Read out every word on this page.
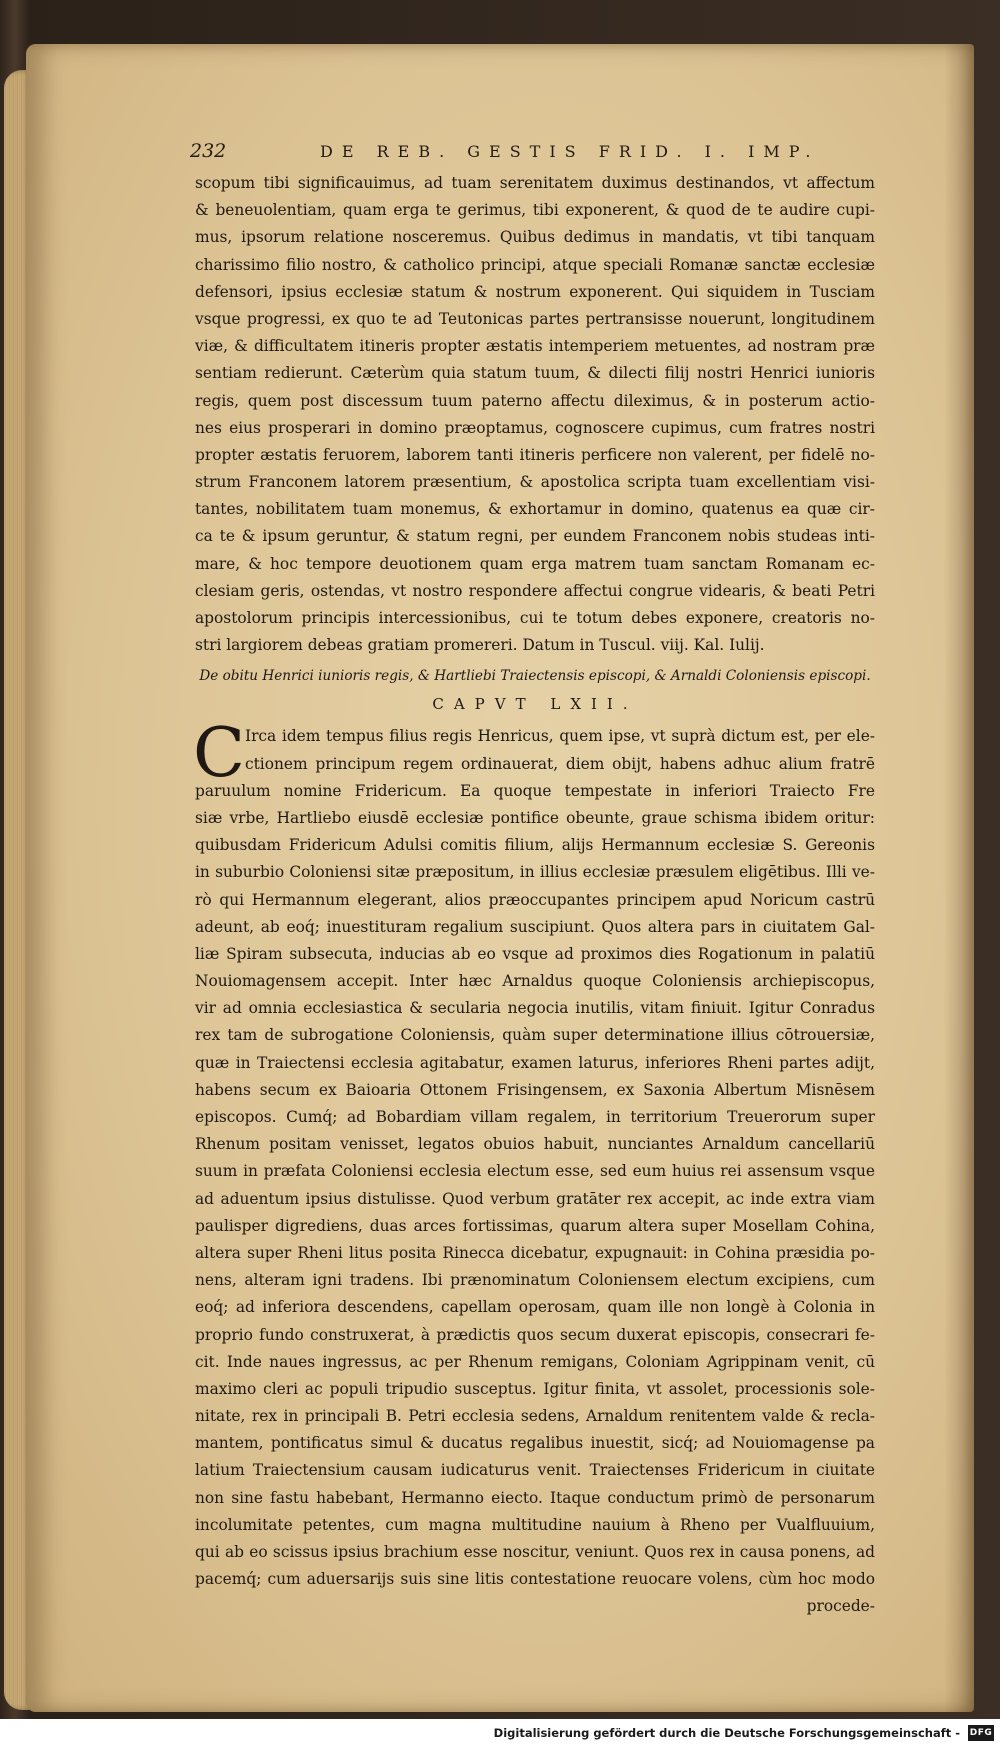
232	DE REB. GESTIS FRID. I. IMP.
scopum tibi significauimus, ad tuam serenitatem duximus destinandos, vt affectum
& beneuolentiam, quam erga te gerimus, tibi exponerent, & quod de te audire cupi-
mus, ipsorum relatione nosceremus. Quibus dedimus in mandatis, vt tibi tanquam
charissimo filio nostro, & catholico principi, atque speciali Romanæ sanctæ ecclesiæ
defensori, ipsius ecclesiæ statum & nostrum exponerent. Qui siquidem in Tusciam
vsque progressi, ex quo te ad Teutonicas partes pertransisse nouerunt, longitudinem
viæ, & difficultatem itineris propter æstatis intemperiem metuentes, ad nostram præ
sentiam redierunt. Cæterùm quia statum tuum, & dilecti filij nostri Henrici iunioris
regis, quem post discessum tuum paterno affectu dileximus, & in posterum actio-
nes eius prosperari in domino præoptamus, cognoscere cupimus, cum fratres nostri
propter æstatis feruorem, laborem tanti itineris perficere non valerent, per fidelē no-
strum Franconem latorem præsentium, & apostolica scripta tuam excellentiam visi-
tantes, nobilitatem tuam monemus, & exhortamur in domino, quatenus ea quæ cir-
ca te & ipsum geruntur, & statum regni, per eundem Franconem nobis studeas inti-
mare, & hoc tempore deuotionem quam erga matrem tuam sanctam Romanam ec-
clesiam geris, ostendas, vt nostro respondere affectui congrue videaris, & beati Petri
apostolorum principis intercessionibus, cui te totum debes exponere, creatoris no-
stri largiorem debeas gratiam promereri. Datum in Tuscul. viij. Kal. Iulij.
De obitu Henrici iunioris regis, & Hartliebi Traiectensis episcopi, & Arnaldi Coloniensis episcopi.
CAPVT LXII.
C Irca idem tempus filius regis Henricus, quem ipse, vt suprà dictum est, per ele-
ctionem principum regem ordinauerat, diem obijt, habens adhuc alium fratrē
paruulum nomine Fridericum. Ea quoque tempestate in inferiori Traiecto Fre
siæ vrbe, Hartliebo eiusdē ecclesiæ pontifice obeunte, graue schisma ibidem oritur:
quibusdam Fridericum Adulsi comitis filium, alijs Hermannum ecclesiæ S. Gereonis
in suburbio Coloniensi sitæ præpositum, in illius ecclesiæ præsulem eligētibus. Illi ve-
rò qui Hermannum elegerant, alios præoccupantes principem apud Noricum castrū
adeunt, ab eoq́; inuestituram regalium suscipiunt. Quos altera pars in ciuitatem Gal-
liæ Spiram subsecuta, inducias ab eo vsque ad proximos dies Rogationum in palatiū
Nouiomagensem accepit. Inter hæc Arnaldus quoque Coloniensis archiepiscopus,
vir ad omnia ecclesiastica & secularia negocia inutilis, vitam finiuit. Igitur Conradus
rex tam de subrogatione Coloniensis, quàm super determinatione illius cōtrouersiæ,
quæ in Traiectensi ecclesia agitabatur, examen laturus, inferiores Rheni partes adijt,
habens secum ex Baioaria Ottonem Frisingensem, ex Saxonia Albertum Misnēsem
episcopos. Cumq́; ad Bobardiam villam regalem, in territorium Treuerorum super
Rhenum positam venisset, legatos obuios habuit, nunciantes Arnaldum cancellariū
suum in præfata Coloniensi ecclesia electum esse, sed eum huius rei assensum vsque
ad aduentum ipsius distulisse. Quod verbum gratāter rex accepit, ac inde extra viam
paulisper digrediens, duas arces fortissimas, quarum altera super Mosellam Cohina,
altera super Rheni litus posita Rinecca dicebatur, expugnauit: in Cohina præsidia po-
nens, alteram igni tradens. Ibi prænominatum Coloniensem electum excipiens, cum
eoq́; ad inferiora descendens, capellam operosam, quam ille non longè à Colonia in
proprio fundo construxerat, à prædictis quos secum duxerat episcopis, consecrari fe-
cit. Inde naues ingressus, ac per Rhenum remigans, Coloniam Agrippinam venit, cū
maximo cleri ac populi tripudio susceptus. Igitur finita, vt assolet, processionis sole-
nitate, rex in principali B. Petri ecclesia sedens, Arnaldum renitentem valde & recla-
mantem, pontificatus simul & ducatus regalibus inuestit, sicq́; ad Nouiomagense pa
latium Traiectensium causam iudicaturus venit. Traiectenses Fridericum in ciuitate
non sine fastu habebant, Hermanno eiecto. Itaque conductum primò de personarum
incolumitate petentes, cum magna multitudine nauium à Rheno per Vualfluuium,
qui ab eo scissus ipsius brachium esse noscitur, veniunt. Quos rex in causa ponens, ad
pacemq́; cum aduersarijs suis sine litis contestatione reuocare volens, cùm hoc modo
procede-
Digitalisierung gefördert durch die Deutsche Forschungsgemeinschaft - DFG
